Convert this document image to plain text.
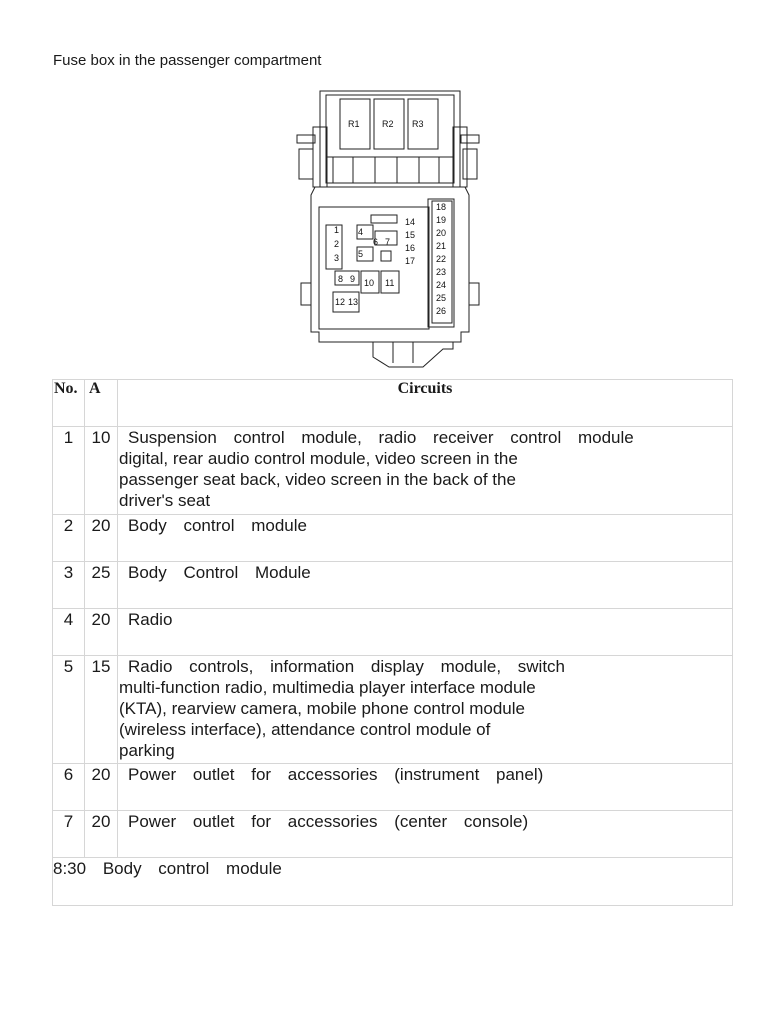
Fuse box in the passenger compartment
R1 R2 R3
1
2
3
4
5
6 7
8 9 10 11
12 13
14
15
16
17
18
19
20
21
22
23
24
25
26
No.	A	Circuits
1	10	Suspension control module, radio receiver control module
digital, rear audio control module, video screen in the
passenger seat back, video screen in the back of the
driver's seat

2	20	Body control module

3	25	Body Control Module

4	20	Radio

5	15	Radio controls, information display module, switch
multi-function radio, multimedia player interface module
(KTA), rearview camera, mobile phone control module
(wireless interface), attendance control module of
parking

6	20	Power outlet for accessories (instrument panel)

7	20	Power outlet for accessories (center console)

8:30 Body control module		
